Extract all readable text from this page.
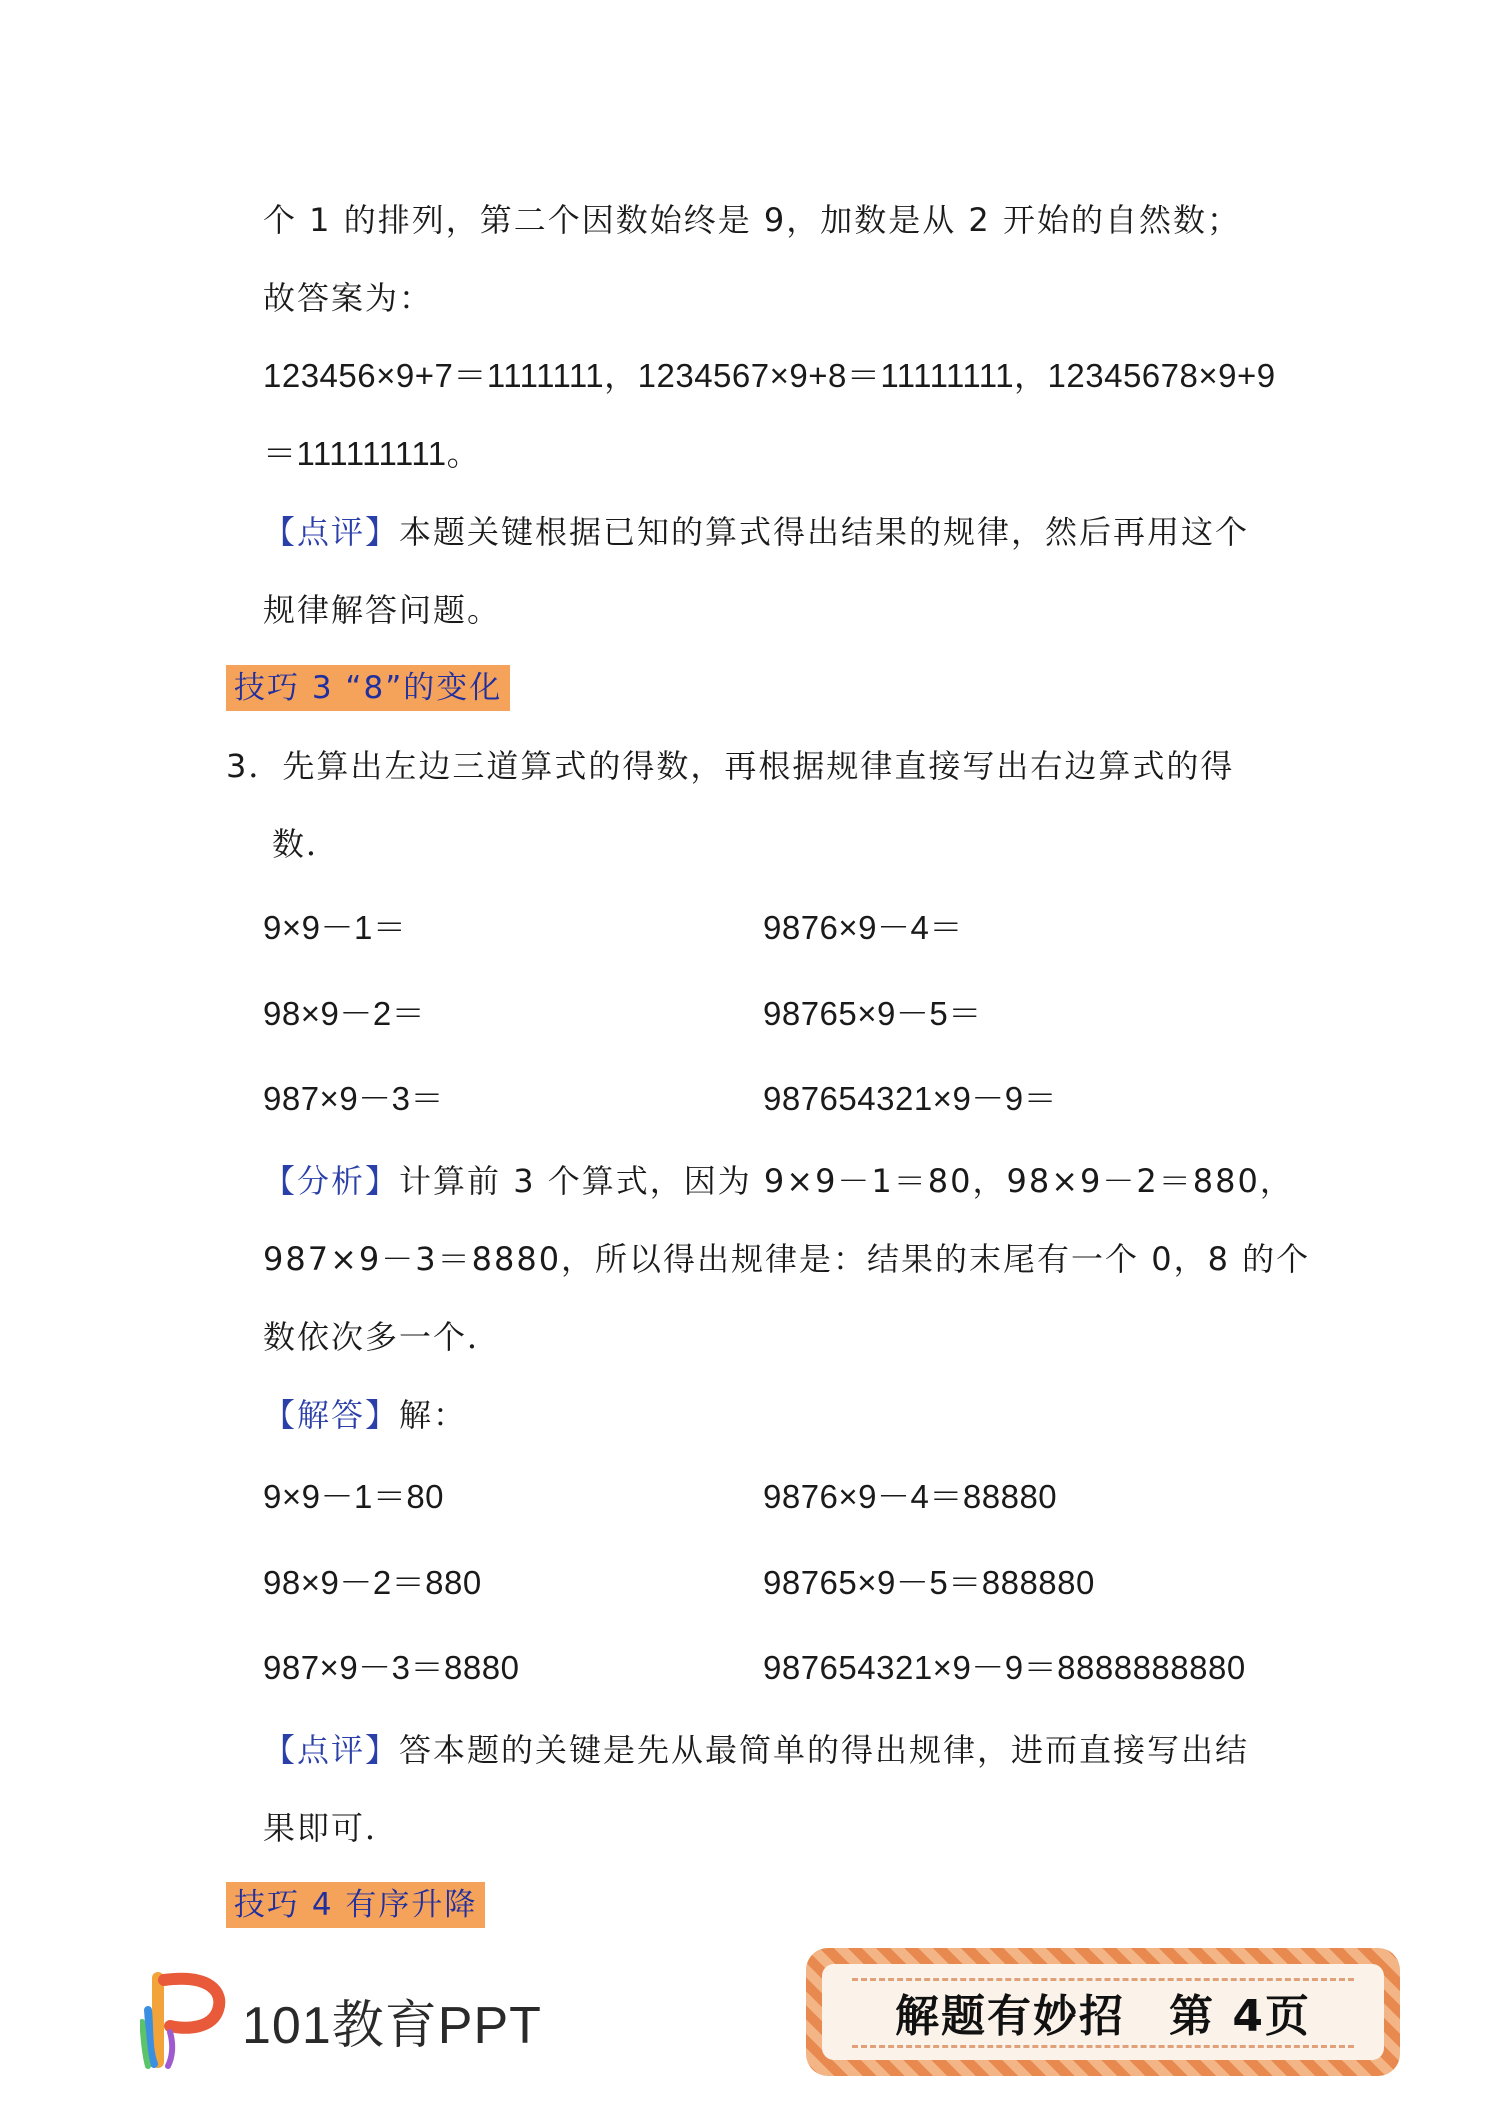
个 1 的排列，第二个因数始终是 9，加数是从 2 开始的自然数；
故答案为：
123456×9+7＝1111111，1234567×9+8＝11111111，12345678×9+9
＝111111111。
【点评】本题关键根据已知的算式得出结果的规律，然后再用这个
规律解答问题。
技巧 3 “8”的变化
3．先算出左边三道算式的得数，再根据规律直接写出右边算式的得
数．
9×9－1＝	9876×9－4＝
98×9－2＝	98765×9－5＝
987×9－3＝	987654321×9－9＝
【分析】计算前 3 个算式，因为 9×9－1＝80，98×9－2＝880，
987×9－3＝8880，所以得出规律是：结果的末尾有一个 0，8 的个
数依次多一个．
【解答】解：
9×9－1＝80	9876×9－4＝88880
98×9－2＝880	98765×9－5＝888880
987×9－3＝8880	987654321×9－9＝8888888880
【点评】答本题的关键是先从最简单的得出规律，进而直接写出结
果即可．
技巧 4 有序升降
101教育PPT	解题有妙招 第 4页
